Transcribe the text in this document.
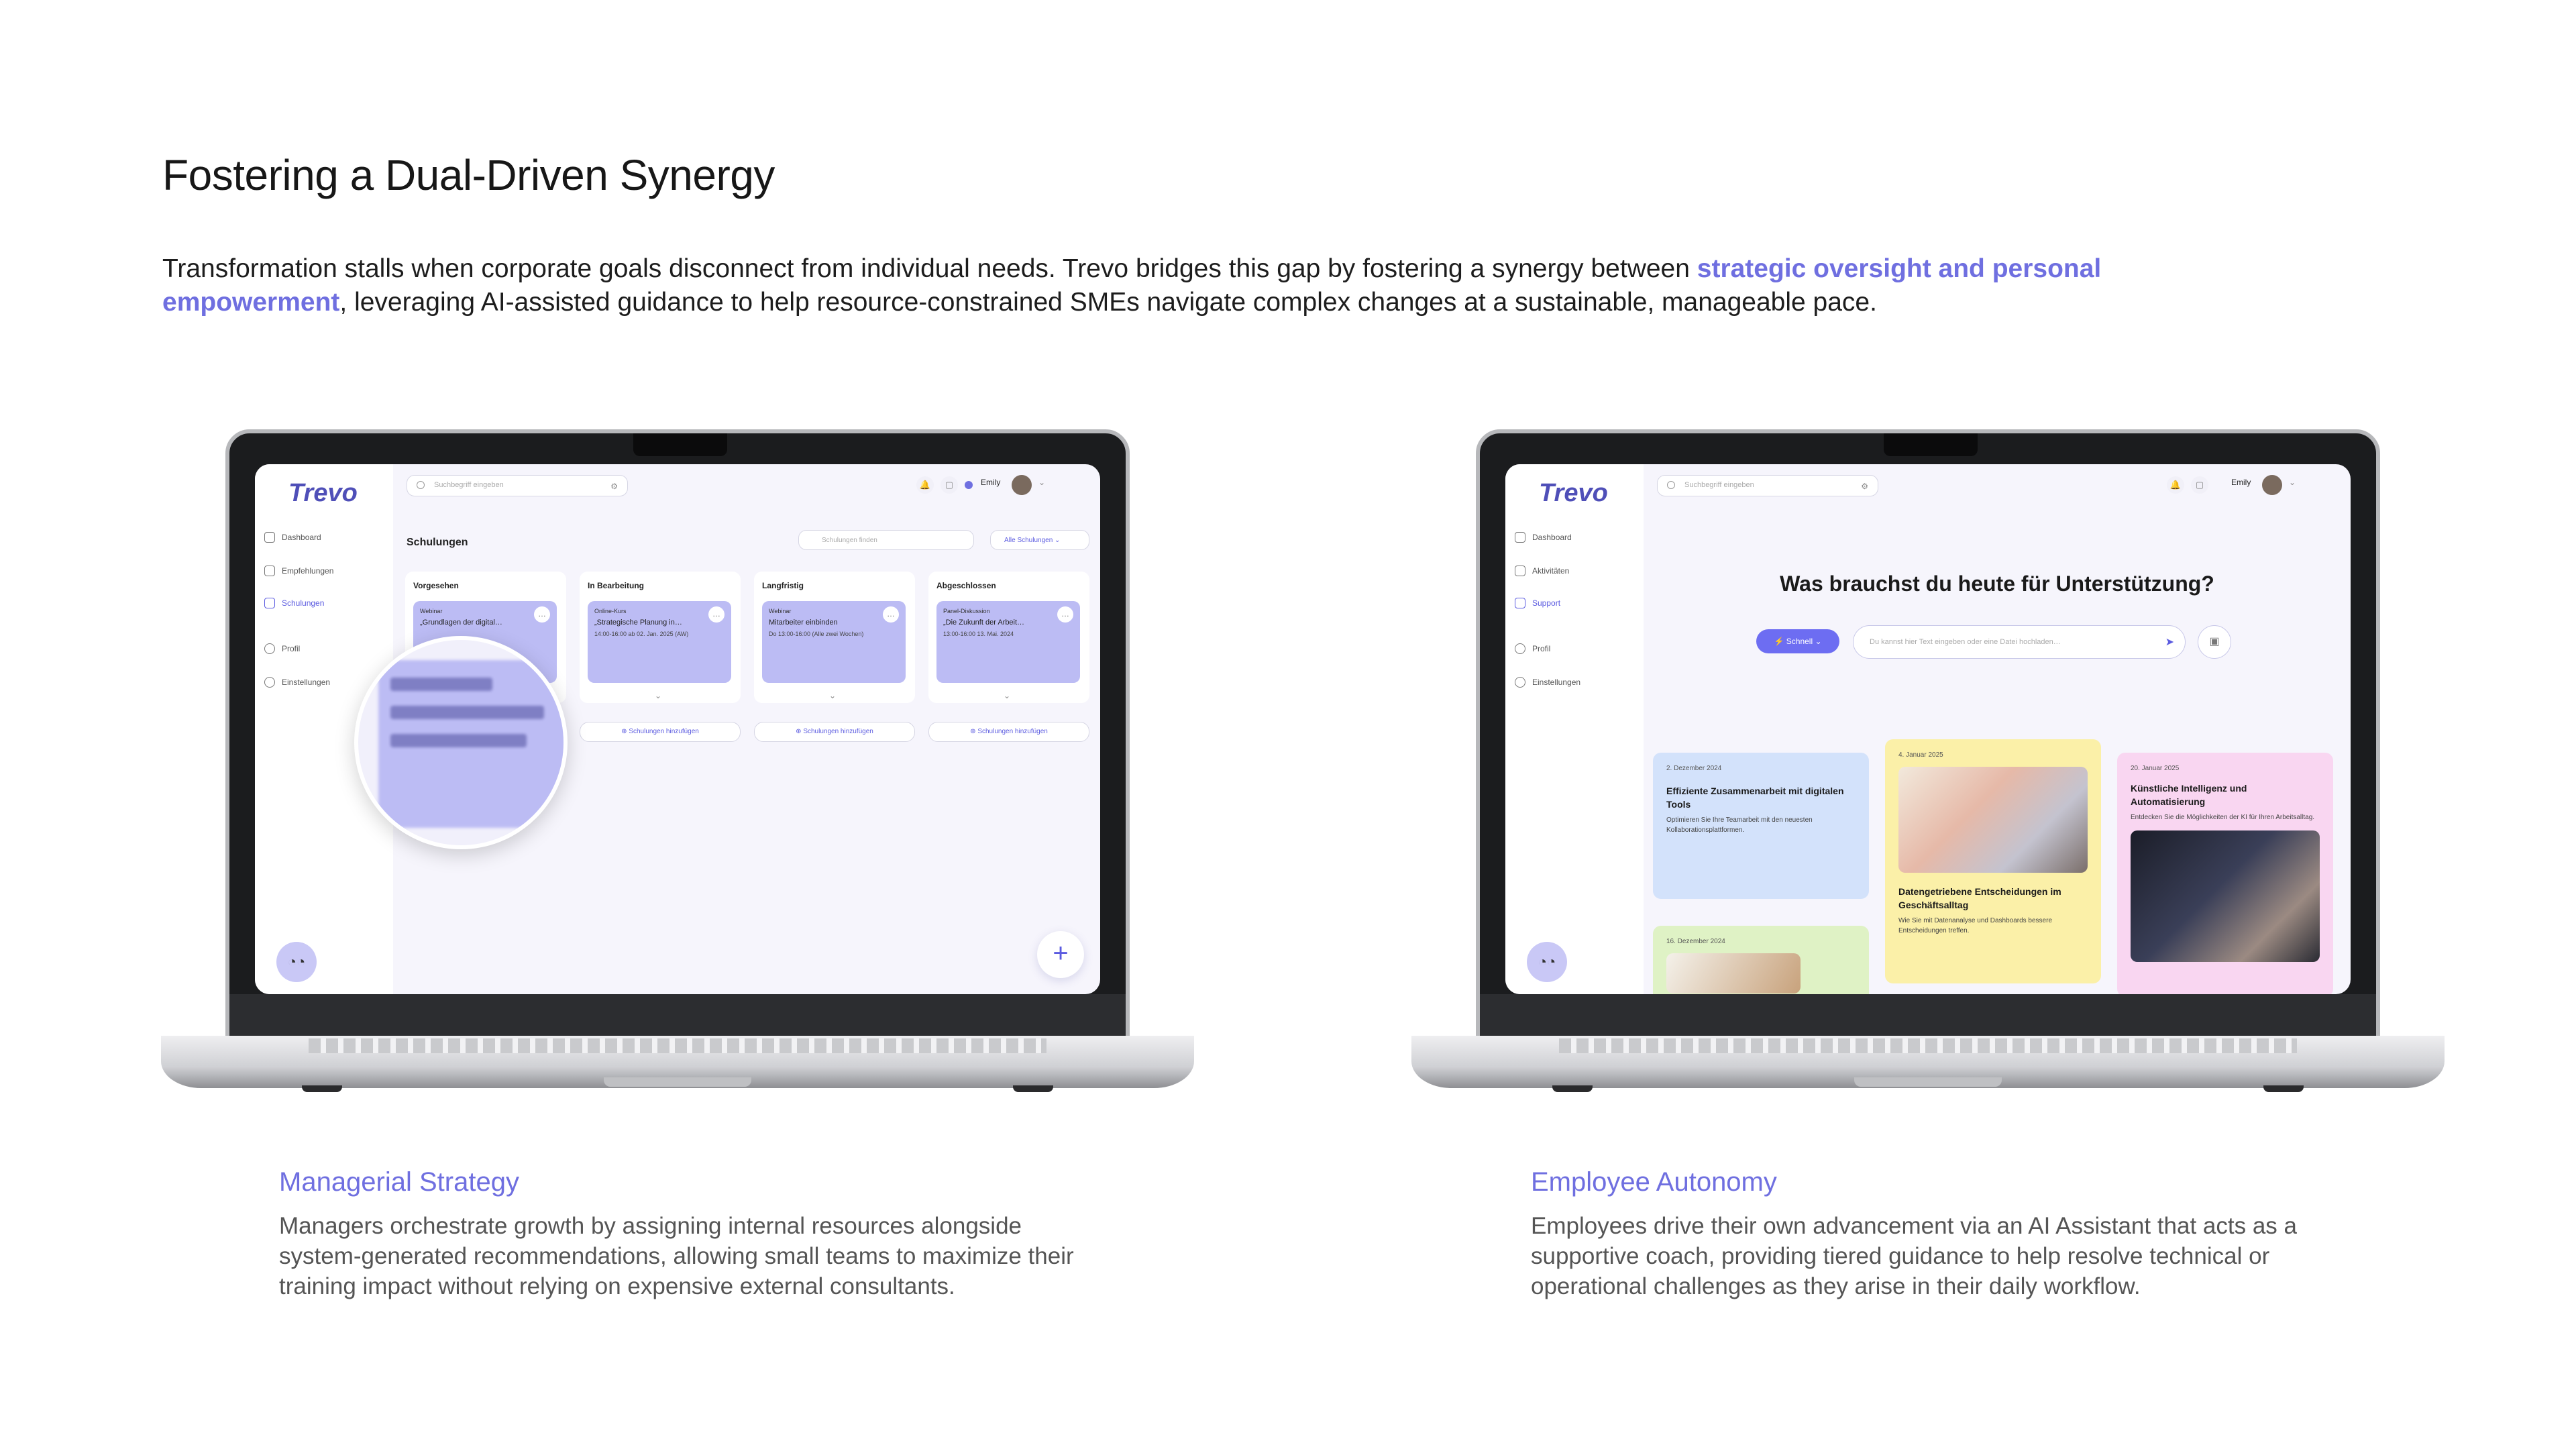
Fostering a Dual-Driven Synergy

Transformation stalls when corporate goals disconnect from individual needs. Trevo bridges this gap by fostering a synergy between strategic oversight and personal empowerment, leveraging AI-assisted guidance to help resource-constrained SMEs navigate complex changes at a sustainable, manageable pace.

Trevo
Dashboard
Empfehlungen
Schulungen
Profil
Einstellungen
◔◔
Suchbegriff eingeben	⚙	🔔	▢	Emily	⌄
Schulungen	Schulungen finden	Alle Schulungen ⌄
Vorgesehen
…
Webinar
„Grundlagen der digital…
In Bearbeitung
…
Online-Kurs
„Strategische Planung in…
14:00-16:00 ab 02. Jan. 2025 (AW)
⌄
Langfristig
…
Webinar
Mitarbeiter einbinden
Do 13:00-16:00 (Alle zwei Wochen)
⌄
Abgeschlossen
…
Panel-Diskussion
„Die Zukunft der Arbeit…
13:00-16:00 13. Mai. 2024
⌄
⊕ Schulungen hinzufügen	⊕ Schulungen hinzufügen	⊕ Schulungen hinzufügen
+
Trevo
Dashboard
Aktivitäten
Support
Profil
Einstellungen
◔◔
Suchbegriff eingeben	⚙	🔔	▢	Emily	⌄
Was brauchst du heute für Unterstützung?
⚡ Schnell ⌄	Du kannst hier Text eingeben oder eine Datei hochladen…	➤	▣
2. Dezember 2024
Effiziente Zusammenarbeit mit digitalen Tools
Optimieren Sie Ihre Teamarbeit mit den neuesten Kollaborationsplattformen.
16. Dezember 2024
4. Januar 2025
Datengetriebene Entscheidungen im Geschäftsalltag
Wie Sie mit Datenanalyse und Dashboards bessere Entscheidungen treffen.
20. Januar 2025
Künstliche Intelligenz und Automatisierung
Entdecken Sie die Möglichkeiten der KI für Ihren Arbeitsalltag.
Managerial Strategy
Managers orchestrate growth by assigning internal resources alongside system-generated recommendations, allowing small teams to maximize their training impact without relying on expensive external consultants.
Employee Autonomy
Employees drive their own advancement via an AI Assistant that acts as a supportive coach, providing tiered guidance to help resolve technical or operational challenges as they arise in their daily workflow.
